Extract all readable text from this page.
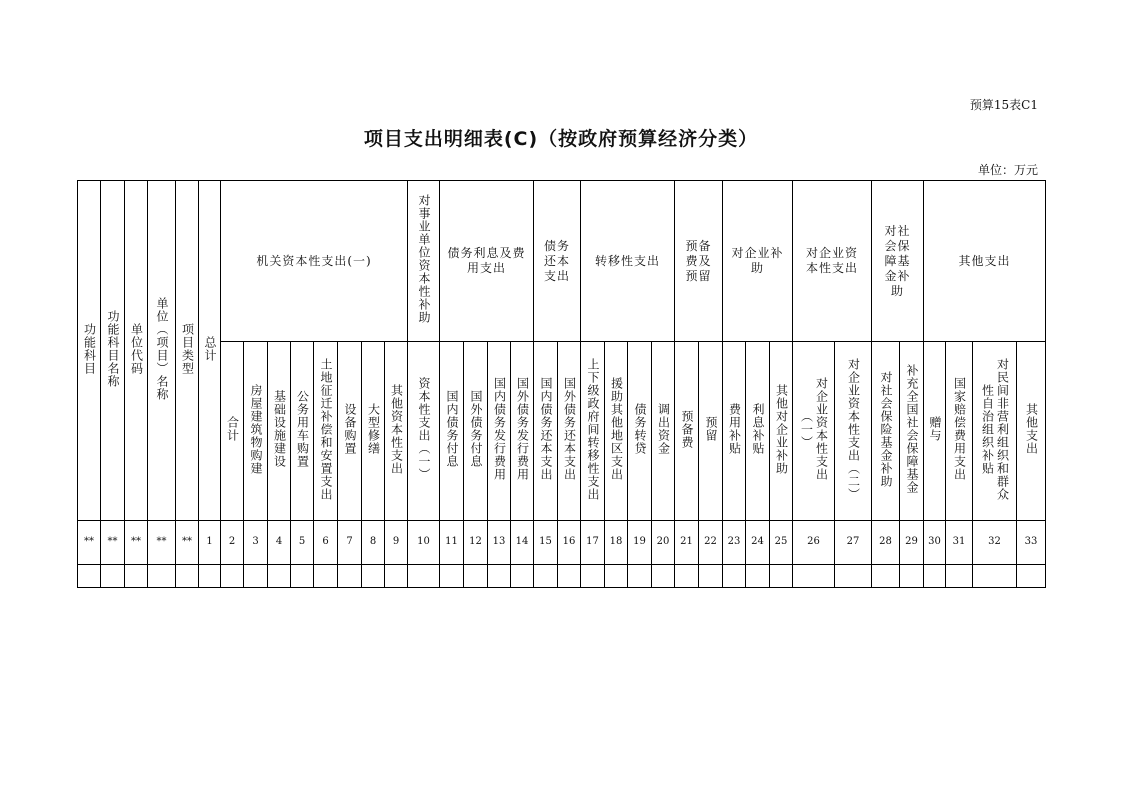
预算15表C1
项目支出明细表(C)（按政府预算经济分类）
单位：万元
功能科目	功能科目名称	单位代码	单位（项目）名称	项目类型	总计	机关资本性支出(一)								对事业单位资本性补助	债务利息及费用支出				债务还本支出		转移性支出				预备费及预留		对企业补助			对企业资本性支出		对社会保障基金补助		其他支出			
						合计	房屋建筑物购建	基础设施建设	公务用车购置	土地征迁补偿和安置支出	设备购置	大型修缮	其他资本性支出	资本性支出（一）	国内债务付息	国外债务付息	国内债务发行费用	国外债务发行费用	国内债务还本支出	国外债务还本支出	上下级政府间转移性支出	援助其他地区支出	债务转贷	调出资金	预备费	预留	费用补贴	利息补贴	其他对企业补助	对企业资本性支出（一）	对企业资本性支出（二）	对社会保险基金补助	补充全国社会保障基金	赠与	国家赔偿费用支出	对民间非营利组织和群众性自治组织补贴	其他支出
**	**	**	**	**	1	2	3	4	5	6	7	8	9	10	11	12	13	14	15	16	17	18	19	20	21	22	23	24	25	26	27	28	29	30	31	32	33
